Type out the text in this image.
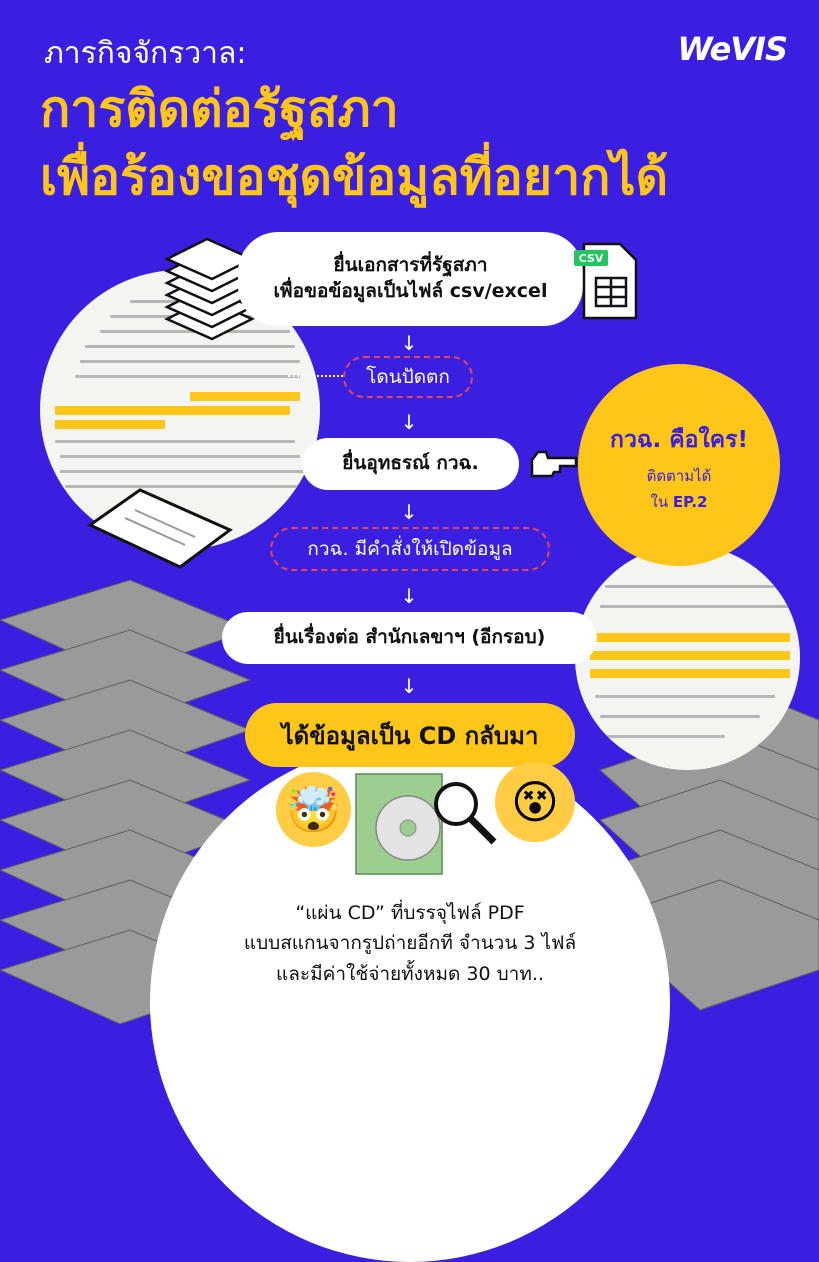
ภารกิจจักรวาล:
การติดต่อรัฐสภา
เพื่อร้องขอชุดข้อมูลที่อยากได้
WeVIS
ยื่นเอกสารที่รัฐสภา
เพื่อขอข้อมูลเป็นไฟล์ csv/excel
CSV
↓
โดนปัดตก
↓
ยื่นอุทธรณ์ กวฉ.
กวฉ. คือใคร!
ติดตามได้
ใน EP.2
↓
กวฉ. มีคำสั่งให้เปิดข้อมูล
↓
ยื่นเรื่องต่อ สำนักเลขาฯ (อีกรอบ)
↓
ได้ข้อมูลเป็น CD กลับมา
🤯	😵
“แผ่น CD” ที่บรรจุไฟล์ PDF
แบบสแกนจากรูปถ่ายอีกที จำนวน 3 ไฟล์
และมีค่าใช้จ่ายทั้งหมด 30 บาท..
